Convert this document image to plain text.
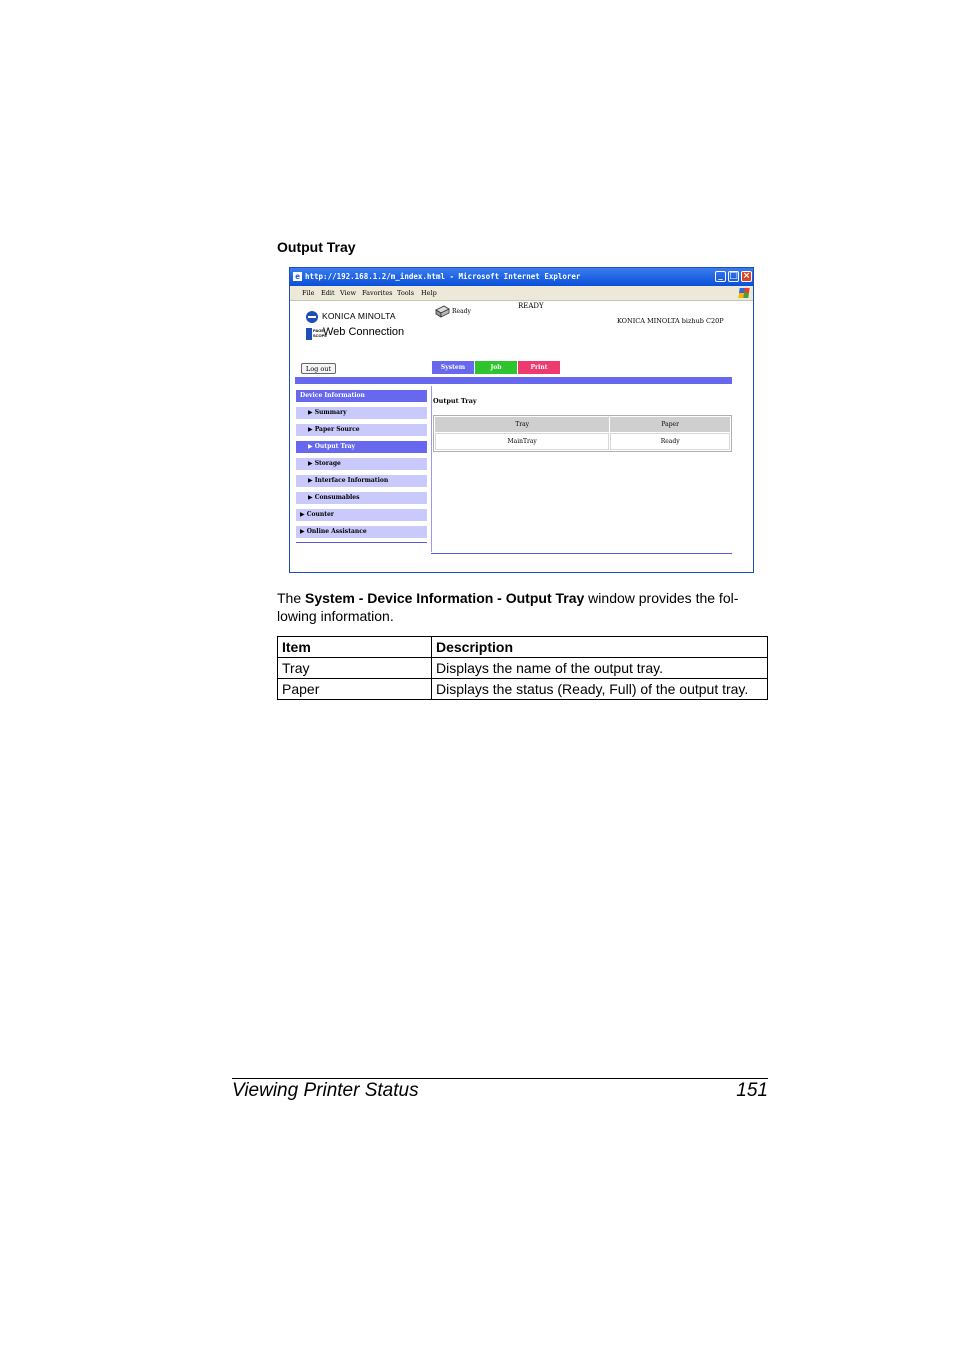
Output Tray
e http://192.168.1.2/m_index.html - Microsoft Internet Explorer	_ □ ×
File Edit View Favorites Tools Help
KONICA MINOLTA
PAGE
SCOPE
Web Connection
Ready
READY
KONICA MINOLTA bizhub C20P
Log out	System	Job	Print
Device Information
▶ Summary
▶ Paper Source
▶ Output Tray
▶ Storage
▶ Interface Information
▶ Consumables
▶ Counter
▶ Online Assistance
Output Tray
Tray	Paper
MainTray	Ready

The System - Device Information - Output Tray window provides the fol-lowing information.

Item	Description
Tray	Displays the name of the output tray.
Paper	Displays the status (Ready, Full) of the output tray.
Viewing Printer Status	151
